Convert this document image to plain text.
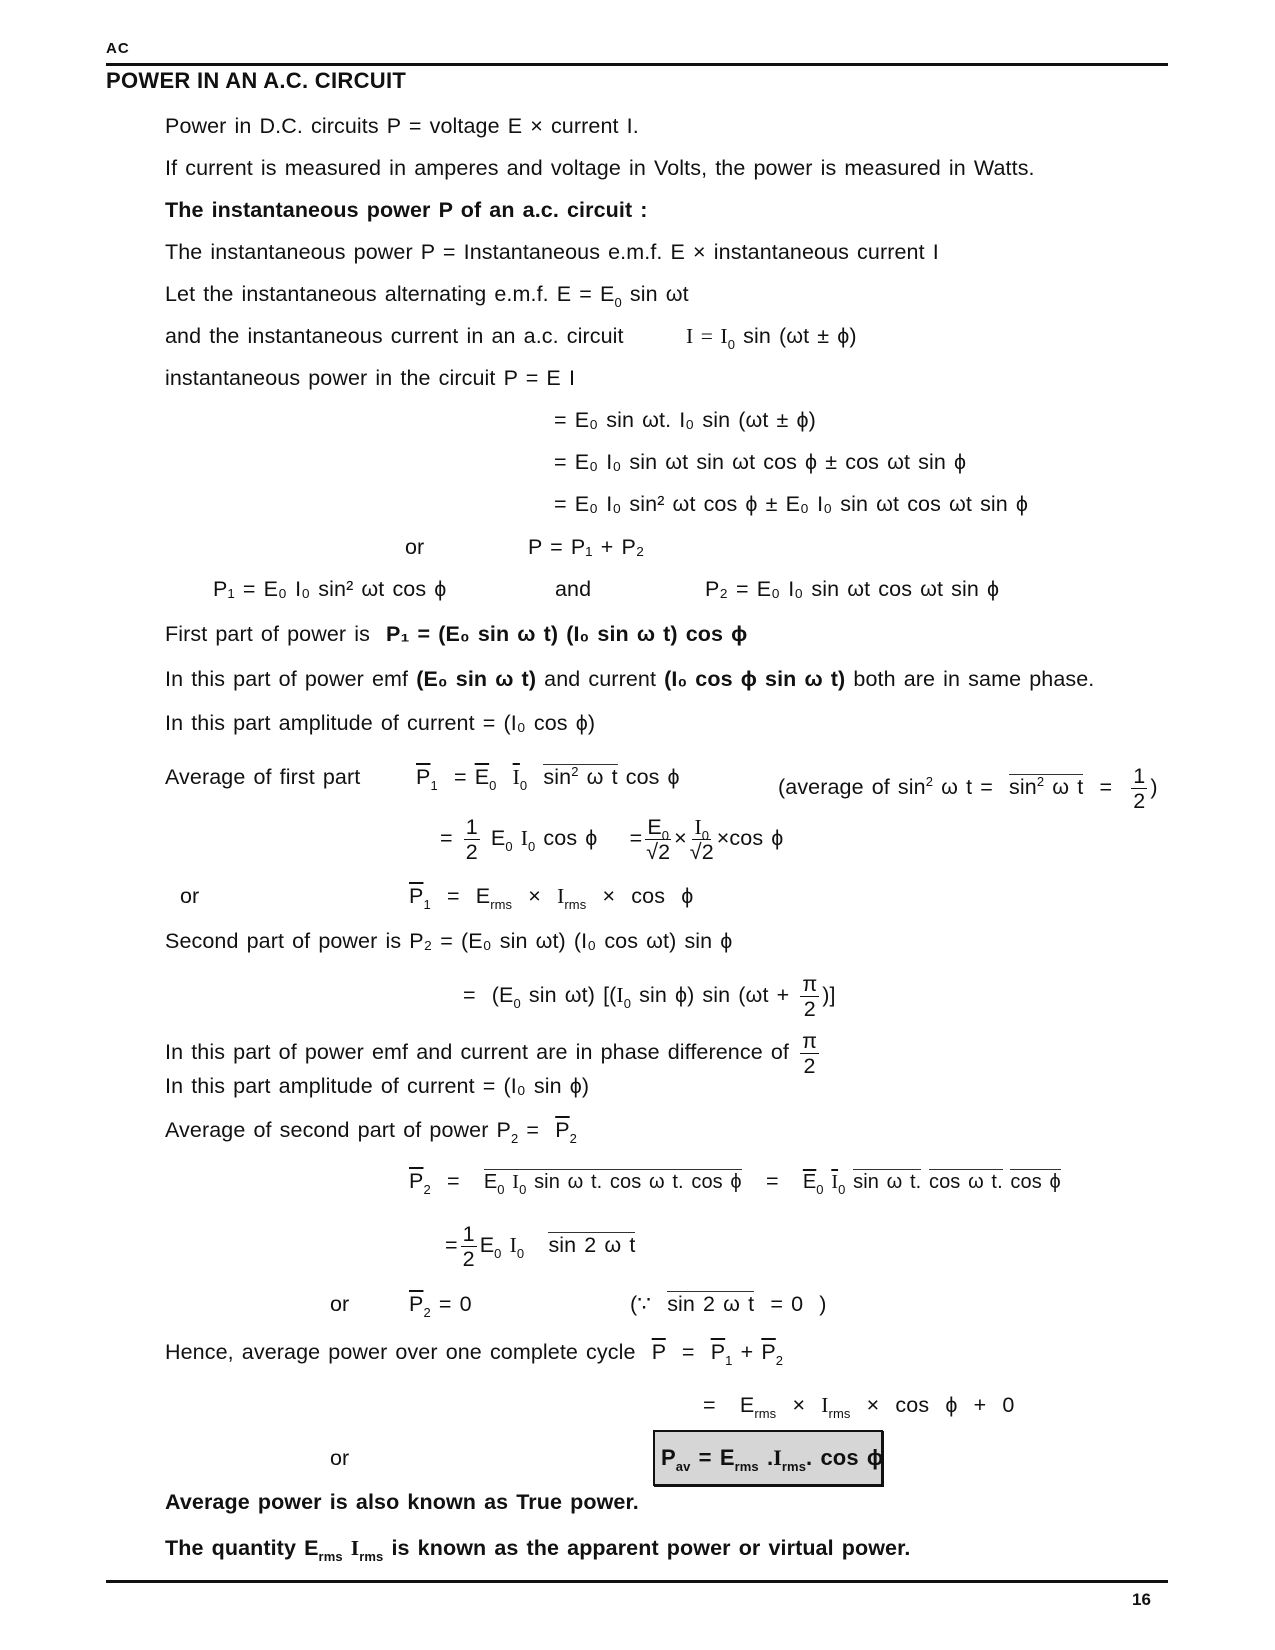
AC
POWER IN AN A.C. CIRCUIT
Power in D.C. circuits P = voltage E × current I.
If current is measured in amperes and voltage in Volts, the power is measured in Watts.
The instantaneous power P of an a.c. circuit :
The instantaneous power P = Instantaneous e.m.f. E × instantaneous current I
Let the instantaneous alternating e.m.f. $E = E_0$ sin ωt
and the instantaneous current in an a.c. circuit	$I = I_0$ sin (ωt ± ϕ)
instantaneous power in the circuit P = E I
= E₀ sin ωt. I₀ sin (ωt ± ϕ)
= E₀ I₀ sin ωt sin ωt cos ϕ ± cos ωt sin ϕ
= E₀ I₀ sin² ωt cos ϕ ± E₀ I₀ sin ωt cos ωt sin ϕ
or	P = P₁ + P₂
P₁ = E₀ I₀ sin² ωt cos ϕ	and	P₂ = E₀ I₀ sin ωt cos ωt sin ϕ
First part of power is P₁ = (E₀ sin ω t) (I₀ sin ω t) cos ϕ
In this part of power emf (E₀ sin ω t) and current (I₀ cos ϕ sin ω t) both are in same phase.
In this part amplitude of current = (I₀ cos ϕ)
Average of first part	$\overline{P}_1 = \overline{E}_0$ $\overline{I}_0$ $\sin^2 \omega$ t cos ϕ	(average of $\sin^2 \omega$ $t = \sin^2 \omega$ $t = \frac{1}{2}$ )
= $\frac{1}{2} E_0$ $I_0$ cos ϕ    = $\frac{E_0}{√2} \times \frac{I_0}{√2} \times\cos$ ϕ
or	$\overline{P}_1 = E_{rms} \times I_{rms} \times \cos \phi$
Second part of power is P₂ = (E₀ sin ωt) (I₀ cos ωt) sin ϕ
=  ($E_0$ sin ωt) [($I_0$ sin ϕ) $\sin (\omega t + \frac{\pi}{2}$ )]
In this part of power emf and current are in phase difference of $\frac{\pi}{2}$
In this part amplitude of current = (I₀ sin ϕ)
Average of second part of power $P_2 = \overline{P}_2$
$\overline{P}_2 = E_0$ $I_0$ sin ω t. cos ω t. $\cos \phi = \overline{E}_0$ $\overline{I}_0$ sin ω t. cos ω t. cos ϕ
= $\frac{1}{2} E_0$ $I_0$ sin 2 ω t
or	$\overline{P}_2 = 0$	(∵  sin 2 ω t  = 0  )
Hence, average power over one complete cycle $\overline{P} = \overline{P}_1 + \overline{P}_2$
=   $E_{rms} \times I_{rms} \times \cos \phi + 0$
or	$P_{av} = E_{rms}$ $.I_{rms}$. cos ϕ
Average power is also known as True power.
The quantity $E_{rms}$ $I_{rms}$ is known as the apparent power or virtual power.
16
